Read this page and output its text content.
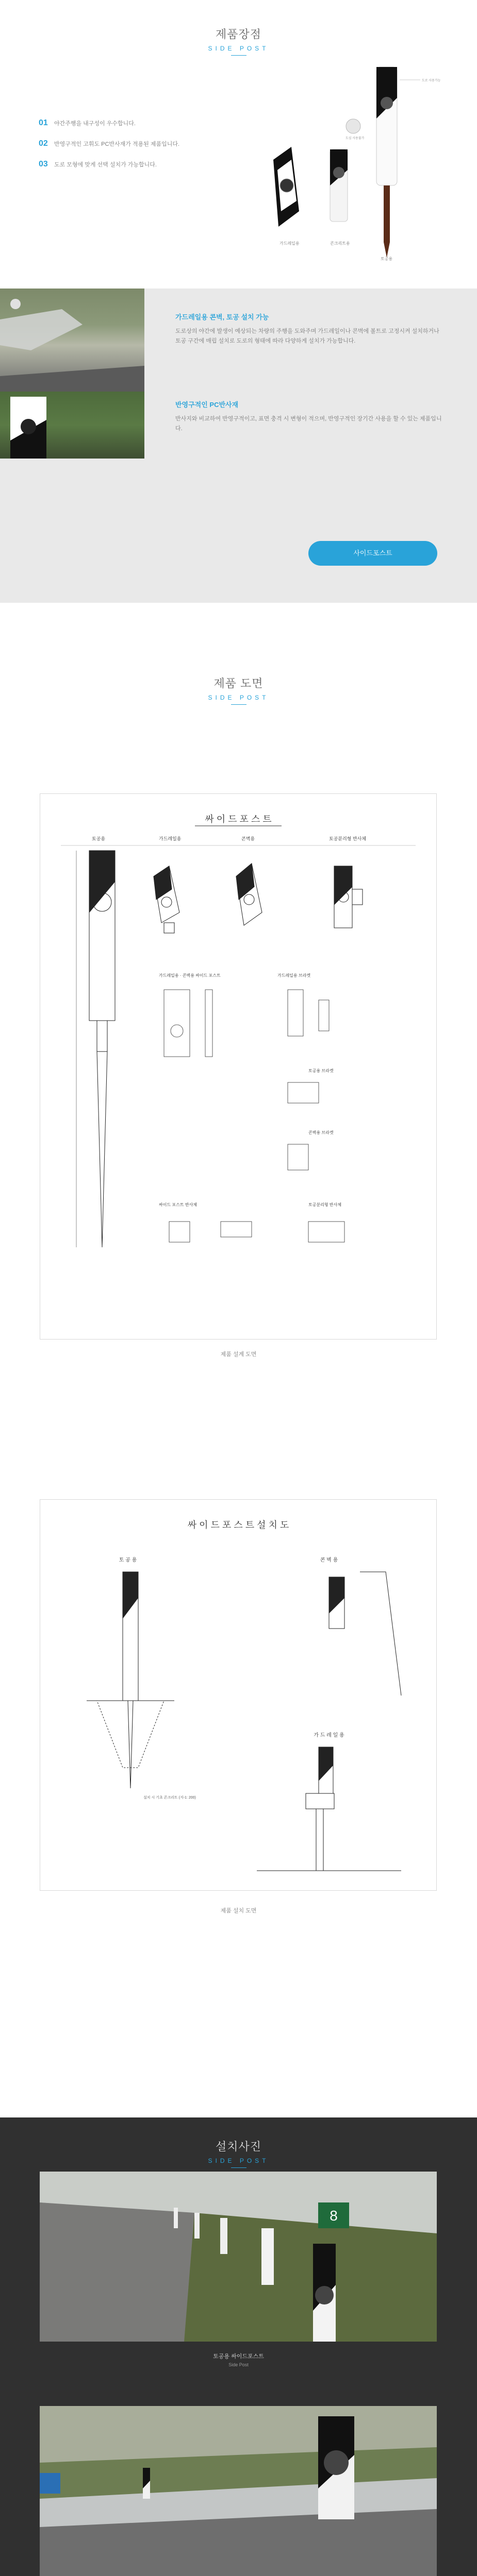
제품장점
SIDE POST
01	야간주행을 내구성이 우수합니다.
02	반영구적인 고휘도 PC반사재가 적용된 제품입니다.
03	도로 모형에 맞게 선택 설치가 가능합니다.
도로 사용가능
도심 사용불가
가드레일용	콘크리트용
토공용
가드레일용 콘벽, 토공 설치 가능
도로상의 야간에 발생이 예상되는 차량의 주행을 도와주며 가드레일이나 콘벽에 볼트로 고정시켜 설치하거나 토공 구간에 매립 설치로 도로의 형태에 따라 다양하게 설치가 가능합니다.
반영구적인 PC반사재
반사지와 비교하여 반영구적이고, 표면 충격 시 변형이 적으며, 반영구적인 장기간 사용을 할 수 있는 제품입니다.
사이드포스트
제품 도면
SIDE POST
싸 이 드 포 스 트
토공용	가드레일용	콘벽용	토공분리형 반사체
가드레일용 · 콘벽용 싸이드 포스트	가드레일용 브라켓
토공용 브라켓
콘벽용 브라켓
싸이드 포스트 반사체	토공분리형 반사체
제품 설계 도면
싸 이 드 포 스 트 설 치 도
토 공 용	콘 벽 용
가 드 레 일 용
설치 시 기초 콘크리트 (지-1: 200)
제품 설치 도면
설치사진
SIDE POST
8
토공용 싸이드포스트
Side Post
